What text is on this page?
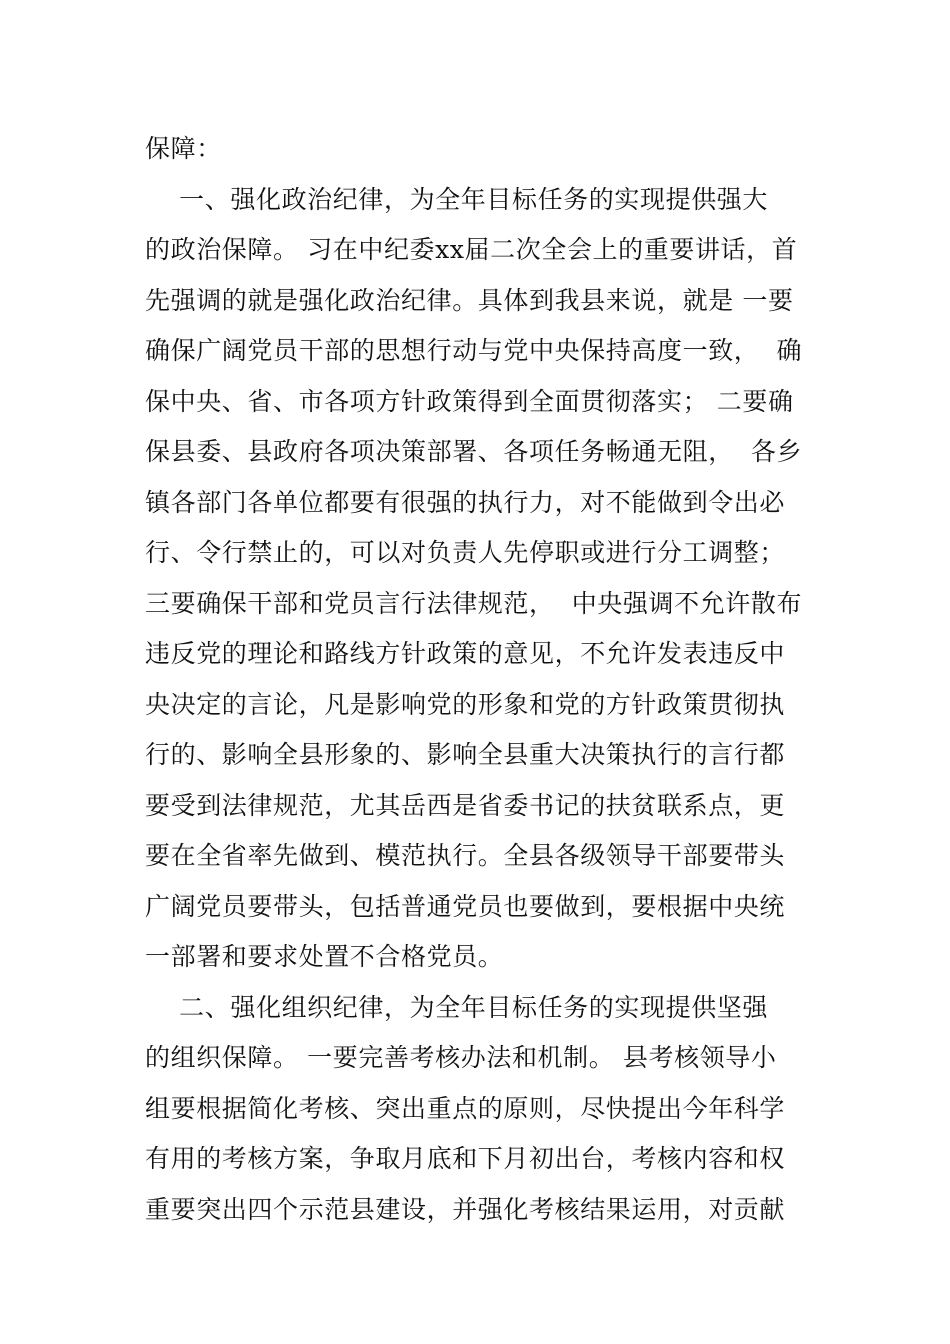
保障：
一、强化政治纪律，为全年目标任务的实现提供强大
的政治保障。 习在中纪委xx届二次全会上的重要讲话，首
先强调的就是强化政治纪律。具体到我县来说，就是 一要
确保广阔党员干部的思想行动与党中央保持高度一致，  确
保中央、省、市各项方针政策得到全面贯彻落实； 二要确
保县委、县政府各项决策部署、各项任务畅通无阻，  各乡
镇各部门各单位都要有很强的执行力，对不能做到令出必
行、令行禁止的，可以对负责人先停职或进行分工调整；
三要确保干部和党员言行法律规范，  中央强调不允许散布
违反党的理论和路线方针政策的意见，不允许发表违反中
央决定的言论，凡是影响党的形象和党的方针政策贯彻执
行的、影响全县形象的、影响全县重大决策执行的言行都
要受到法律规范，尤其岳西是省委书记的扶贫联系点，更
要在全省率先做到、模范执行。全县各级领导干部要带头
广阔党员要带头，包括普通党员也要做到，要根据中央统
一部署和要求处置不合格党员。
二、强化组织纪律，为全年目标任务的实现提供坚强
的组织保障。 一要完善考核办法和机制。 县考核领导小
组要根据简化考核、突出重点的原则，尽快提出今年科学
有用的考核方案，争取月底和下月初出台，考核内容和权
重要突出四个示范县建设，并强化考核结果运用，对贡献
